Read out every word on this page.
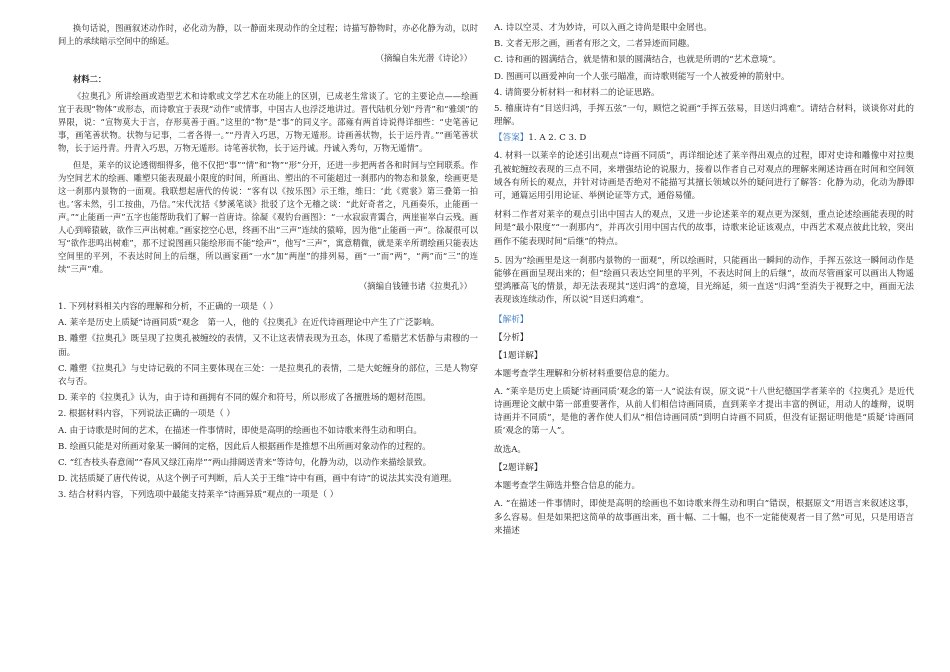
换句话说，图画叙述动作时，必化动为静，以一静面来现动作的全过程；诗描写静物时，亦必化静为动，以时间上的承续暗示空间中的绵延。

（摘编自朱光潜《诗论》）

材料二：

《拉奥孔》所讲绘画或造型艺术和诗歌或文学艺术在功能上的区别，已成老生常谈了。它的主要论点——绘画宜于表现“物体”或形态，而诗歌宜于表现“动作”或情事，中国古人也浮泛地讲过。晋代陆机分划“丹青”和“雅颂”的界限，说：“宣物莫大于言，存形莫善于画。”这里的“物”是“事”的同义字。邵雍有两首诗说得详细些：“史笔善记事，画笔善状物。状物与记事，二者各得一。”“丹青入巧思，万物无遁形。诗画善状物，长于运丹青。”“画笔善状物，长于运丹青。丹青入巧思，万物无遁形。诗笔善状物，长于运丹诚。丹诚入秀句，万物无遁情”。

但是，莱辛的议论透彻细得多，他不仅把“事”“情”和“物”“形”分开，还进一步把两者各和时间与空间联系。作为空间艺术的绘画、雕塑只能表现最小限度的时间，所画出、塑出的不可能超过一刹那内的物态和景象，绘画更是这一刹那内景物的一面观。我联想起唐代的传说：“客有以《按乐图》示王维，维曰：‘此《霓裳》第三叠第一拍也。’客未然，引工按曲，乃信。”宋代沈括《梦溪笔谈》批驳了这个无稽之谈：“此好奇者之，凡画奏乐，止能画一声。”“止能画一声”五字也能帮助我们了解一首唐诗。徐凝《观钓台画图》：“一水寂寂青霭合，两崖崔崒白云残。画人心到啼猿破，欲作三声出树难。”画家挖空心思，终画不出“三声”连续的猿啼，因为他“止能画一声”。徐凝很可以写“欲作悲鸣出树难”，那不过说图画只能绘形而不能“绘声”，他写“三声”，寓意精微，就是莱辛所谓绘画只能表达空间里的平列，不表达时间上的后继，所以画家画“一水”加“两崖”的排列易，画“一”而“两”，“两”而“三”的连续“三声”难。

（摘编自钱锺书诸《拉奥孔》）

1. 下列材料相关内容的理解和分析，不正确的一项是（ ）

A. 莱辛是历史上质疑“诗画同质”观念　第一人，他的《拉奥孔》在近代诗画理论中产生了广泛影响。

B. 雕塑《拉奥孔》既呈现了拉奥孔被缠绞的表情，又不让这表情表现为丑态，体现了希腊艺术恬静与肃穆的一面。

C. 雕塑《拉奥孔》与史诗记载的不同主要体现在三处：一是拉奥孔的表情，二是大蛇缠身的部位，三是人物穿衣与否。

D. 莱辛的《拉奥孔》认为，由于诗和画拥有不同的媒介和符号，所以形成了各擅胜场的题材范围。

2. 根据材料内容，下列说法正确的一项是（ ）

A. 由于诗歌是时间的艺术，在描述一件事情时，即使是高明的绘画也不如诗歌来得生动和明白。

B. 绘画只能是对所画对象某一瞬间的定格，因此后人根据画作是推想不出所画对象动作的过程的。

C. “红杏枝头春意闹”“春风又绿江南岸”“两山排阔送青来”等诗句，化静为动，以动作来描绘景致。

D. 沈括质疑了唐代传说，从这个例子可判断，后人关于王维“诗中有画，画中有诗”的说法其实没有道理。

3. 结合材料内容，下列选项中最能支持莱辛“诗画异质”观点的一项是（ ）

A. 诗以空灵、才为妙诗，可以入画之诗尚是眼中金屑也。

B. 文者无形之画，画者有形之文，二者异迹而同趣。

C. 诗和画的圆满结合，就是情和景的圆满结合，也就是所谓的“艺术意境”。

D. 图画可以画爱神向一个人张弓瞄准，而诗歌则能写一个人被爱神的箭射中。

4. 请简要分析材料一和材料二的论证思路。

5. 稽康诗有“目送归鸿，手挥五弦”一句，顾恺之说画“手挥五弦易，目送归鸿难”。请结合材料，谈谈你对此的理解。

【答案】1. A 2. C 3. D

4. 材料一以莱辛的论述引出观点“诗画不同质”，再详细论述了莱辛得出观点的过程，即对史诗和雕像中对拉奥孔被蛇缠绞表现的三点不同，来增强结论的说服力，接着以作者自己对观点的理解来阐述诗画在时间和空间领域各有所长的观点，并针对诗画是否绝对不能描写其擅长领域以外的疑问进行了解答：化静为动，化动为静即可，通篇运用引用论证、举例论证等方式，通俗易懂。

材料二作者对莱辛的观点引出中国古人的观点，又进一步论述莱辛的观点更为深刻，重点论述绘画能表现的时间是“最小限度”“一刹那内”，并再次引用中国古代的故事，诗歌来论证该观点，中西艺术观点彼此比较，突出画作不能表现时间“后继”的特点。

5. 因为“绘画里是这一刹那内景物的一面观”，所以绘画时，只能画出一瞬间的动作，手挥五弦这一瞬间动作是能够在画面呈现出来的；但“绘画只表达空间里的平列，不表达时间上的后继”，故而尽管画家可以画出人物遥望鸿雁高飞的情景，却无法表现其“送归鸿”的意境，目光绵延，须一直送“归鸿”至消失于视野之中，画面无法表现该连续动作，所以说“目送归鸿难”。

【解析】

【分析】

【1题详解】

本题考查学生理解和分析材料重要信息的能力。

A. “莱辛是历史上质疑‘诗画同质’观念的第一人”说法有误，原文说“十八世纪德国学者莱辛的《拉奥孔》是近代诗画理论文献中第一部重要著作，从前人们相信诗画同质，直到莱辛才提出丰富的例证，用动人的雄辩，说明诗画并不同质”，是他的著作使人们从“相信诗画同质”到明白诗画不同质，但没有证据证明他是“质疑‘诗画同质’观念的第一人”。

故选A。

【2题详解】

本题考查学生筛选并整合信息的能力。

A. “在描述一件事情时，即使是高明的绘画也不如诗歌来得生动和明白”错误，根据原文“用语言来叙述这事，多么容易。但是如果把这简单的故事画出来，画十幅、二十幅，也不一定能使观者一目了然”可见，只是用语言来描述
